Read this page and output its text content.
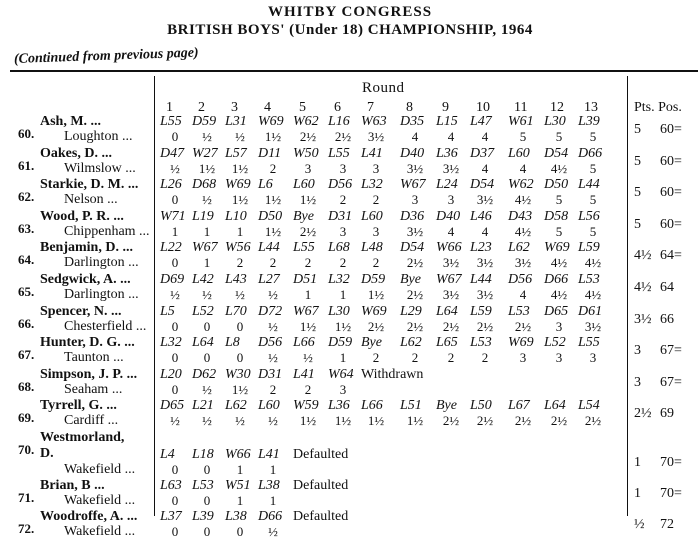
WHITBY CONGRESS
BRITISH BOYS' (Under 18) CHAMPIONSHIP, 1964
(Continued from previous page)
Round
Pts. Pos.
1 2 3 4 5 6 7 8 9 10 11 12 13
60.
Ash, M. ...
Loughton ...
L55 D59 L31 W69 W62 L16 W63 D35 L15 L47 W61 L30 L39
0	½	½	1½	2½	2½	3½	4	4	4	5	5	5	5 60=
61.
Oakes, D. ...
Wilmslow ...
D47 W27 L57 D11 W50 L55 L41 D40 L36 D37 L60 D54 D66
½	1½	1½	2	3	3	3	3½	3½	4	4	4½	5	5 60=
62.
Starkie, D. M. ...
Nelson ...
L26 D68 W69 L6 L60 D56 L32 W67 L24 D54 W62 D50 L44
0	½	1½	1½	1½	2	2	3	3	3½	4½	5	5	5 60=
63.
Wood, P. R. ...
Chippenham ...
W71 L19 L10 D50 Bye D31 L60 D36 D40 L46 D43 D58 L56
1	1	1	1½	2½	3	3	3½	4	4	4½	5	5	5 60=
64.
Benjamin, D. ...
Darlington ...
L22 W67 W56 L44 L55 L68 L48 D54 W66 L23 L62 W69 L59
0	1	2	2	2	2	2	2½	3½	3½	3½	4½	4½	4½ 64=
65.
Sedgwick, A. ...
Darlington ...
D69 L42 L43 L27 D51 L32 D59 Bye W67 L44 D56 D66 L53
½	½	½	½	1	1	1½	2½	3½	3½	4	4½	4½	4½ 64
66.
Spencer, N. ...
Chesterfield ...
L5 L52 L70 D72 W67 L30 W69 L29 L64 L59 L53 D65 D61
0	0	0	½	1½	1½	2½	2½	2½	2½	2½	3	3½	3½ 66
67.
Hunter, D. G. ...
Taunton ...
L32 L64 L8 D56 L66 D59 Bye L62 L65 L53 W69 L52 L55
0	0	0	½	½	1	2	2	2	2	3	3	3	3 67=
68.
Simpson, J. P. ...
Seaham ...
L20 D62 W30 D31 L41 W64
0	½	1½	2	2	3
Withdrawn
3 67=
69.
Tyrrell, G. ...
Cardiff ...
D65 L21 L62 L60 W59 L36 L66 L51 Bye L50 L67 L64 L54
½	½	½	½	1½	1½	1½	1½	2½	2½	2½	2½	2½	2½ 69
70.
Westmorland,
D.
Wakefield ...
L4 L18 W66 L41
0	0	1	1
Defaulted
1 70=
71.
Brian, B ...
Wakefield ...
L63 L53 W51 L38
0	0	1	1
Defaulted
1 70=
72.
Woodroffe, A. ...
Wakefield ...
L37 L39 L38 D66
0	0	0	½
Defaulted
½ 72
